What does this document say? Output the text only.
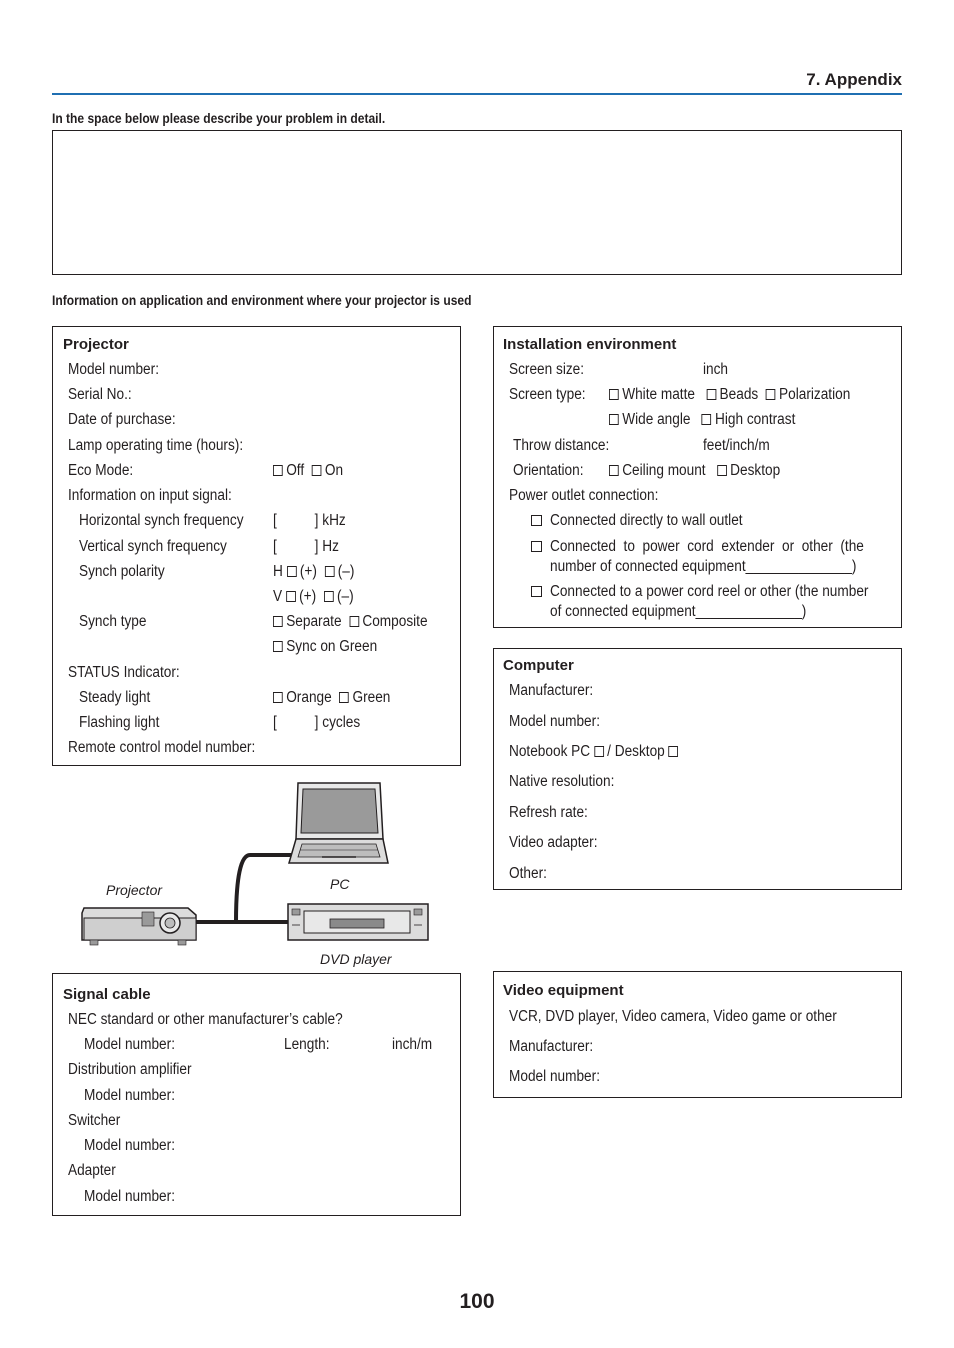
7. Appendix
In the space below please describe your problem in detail.
Information on application and environment where your projector is used
Projector
Model number:
Serial No.:
Date of purchase:
Lamp operating time (hours):
Eco Mode:	Off On
Information on input signal:
Horizontal synch frequency [          ] kHz
Vertical synch frequency	[          ] Hz
Synch polarity	H (+) (–)
V (+) (–)
Synch type	Separate Composite
Sync on Green
STATUS Indicator:
Steady light	Orange Green
Flashing light	[          ] cycles
Remote control model number:
Installation environment
Screen size:	inch
Screen type:	White matte Beads Polarization
Wide angle High contrast
Throw distance:	feet/inch/m
Orientation:	Ceiling mount Desktop
Power outlet connection:
Connected directly to wall outlet
Connected  to  power  cord  extender  or  other  (the
number of connected equipment______________)
Connected to a power cord reel or other (the number
of connected equipment______________)
Computer
Manufacturer:
Model number:
Notebook PC / Desktop
Native resolution:
Refresh rate:
Video adapter:
Other:
PC
Projector
DVD player
Signal cable
NEC standard or other manufacturer’s cable?
Model number:	Length:	inch/m
Distribution amplifier
Model number:
Switcher
Model number:
Adapter
Model number:
Video equipment
VCR, DVD player, Video camera, Video game or other
Manufacturer:
Model number:
100
